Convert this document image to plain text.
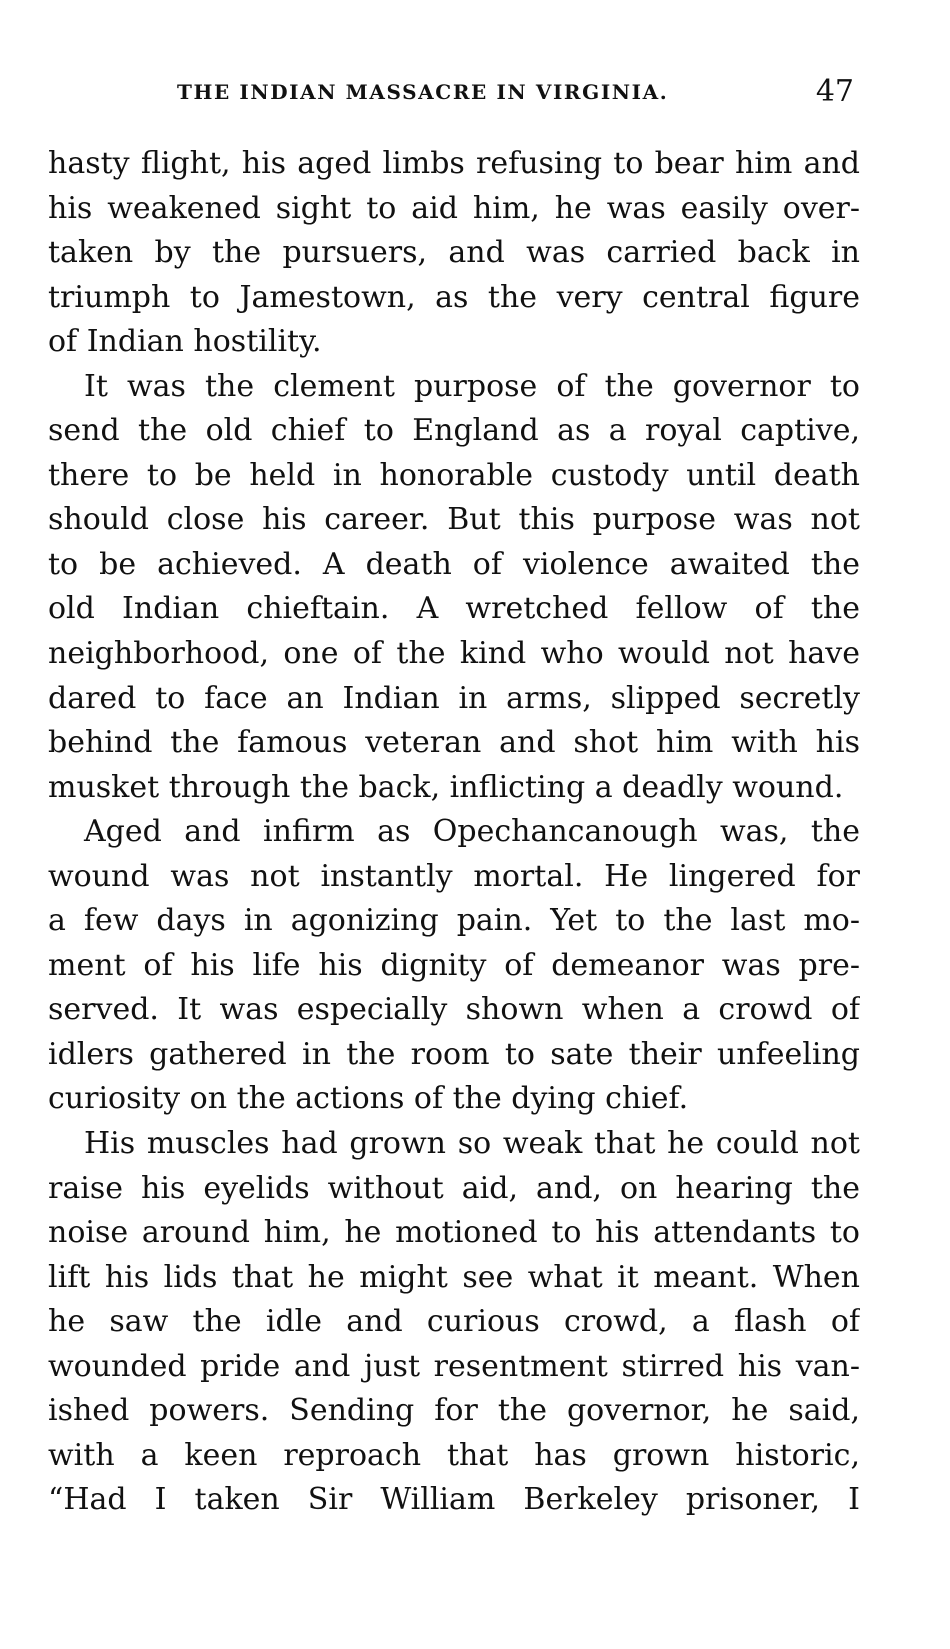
THE INDIAN MASSACRE IN VIRGINIA.	47
hasty flight, his aged limbs refusing to bear him and
his weakened sight to aid him, he was easily over-
taken by the pursuers, and was carried back in
triumph to Jamestown, as the very central figure
of Indian hostility.
It was the clement purpose of the governor to
send the old chief to England as a royal captive,
there to be held in honorable custody until death
should close his career. But this purpose was not
to be achieved. A death of violence awaited the
old Indian chieftain. A wretched fellow of the
neighborhood, one of the kind who would not have
dared to face an Indian in arms, slipped secretly
behind the famous veteran and shot him with his
musket through the back, inflicting a deadly wound.
Aged and infirm as Opechancanough was, the
wound was not instantly mortal. He lingered for
a few days in agonizing pain. Yet to the last mo-
ment of his life his dignity of demeanor was pre-
served. It was especially shown when a crowd of
idlers gathered in the room to sate their unfeeling
curiosity on the actions of the dying chief.
His muscles had grown so weak that he could not
raise his eyelids without aid, and, on hearing the
noise around him, he motioned to his attendants to
lift his lids that he might see what it meant. When
he saw the idle and curious crowd, a flash of
wounded pride and just resentment stirred his van-
ished powers. Sending for the governor, he said,
with a keen reproach that has grown historic,
“Had I taken Sir William Berkeley prisoner, I
